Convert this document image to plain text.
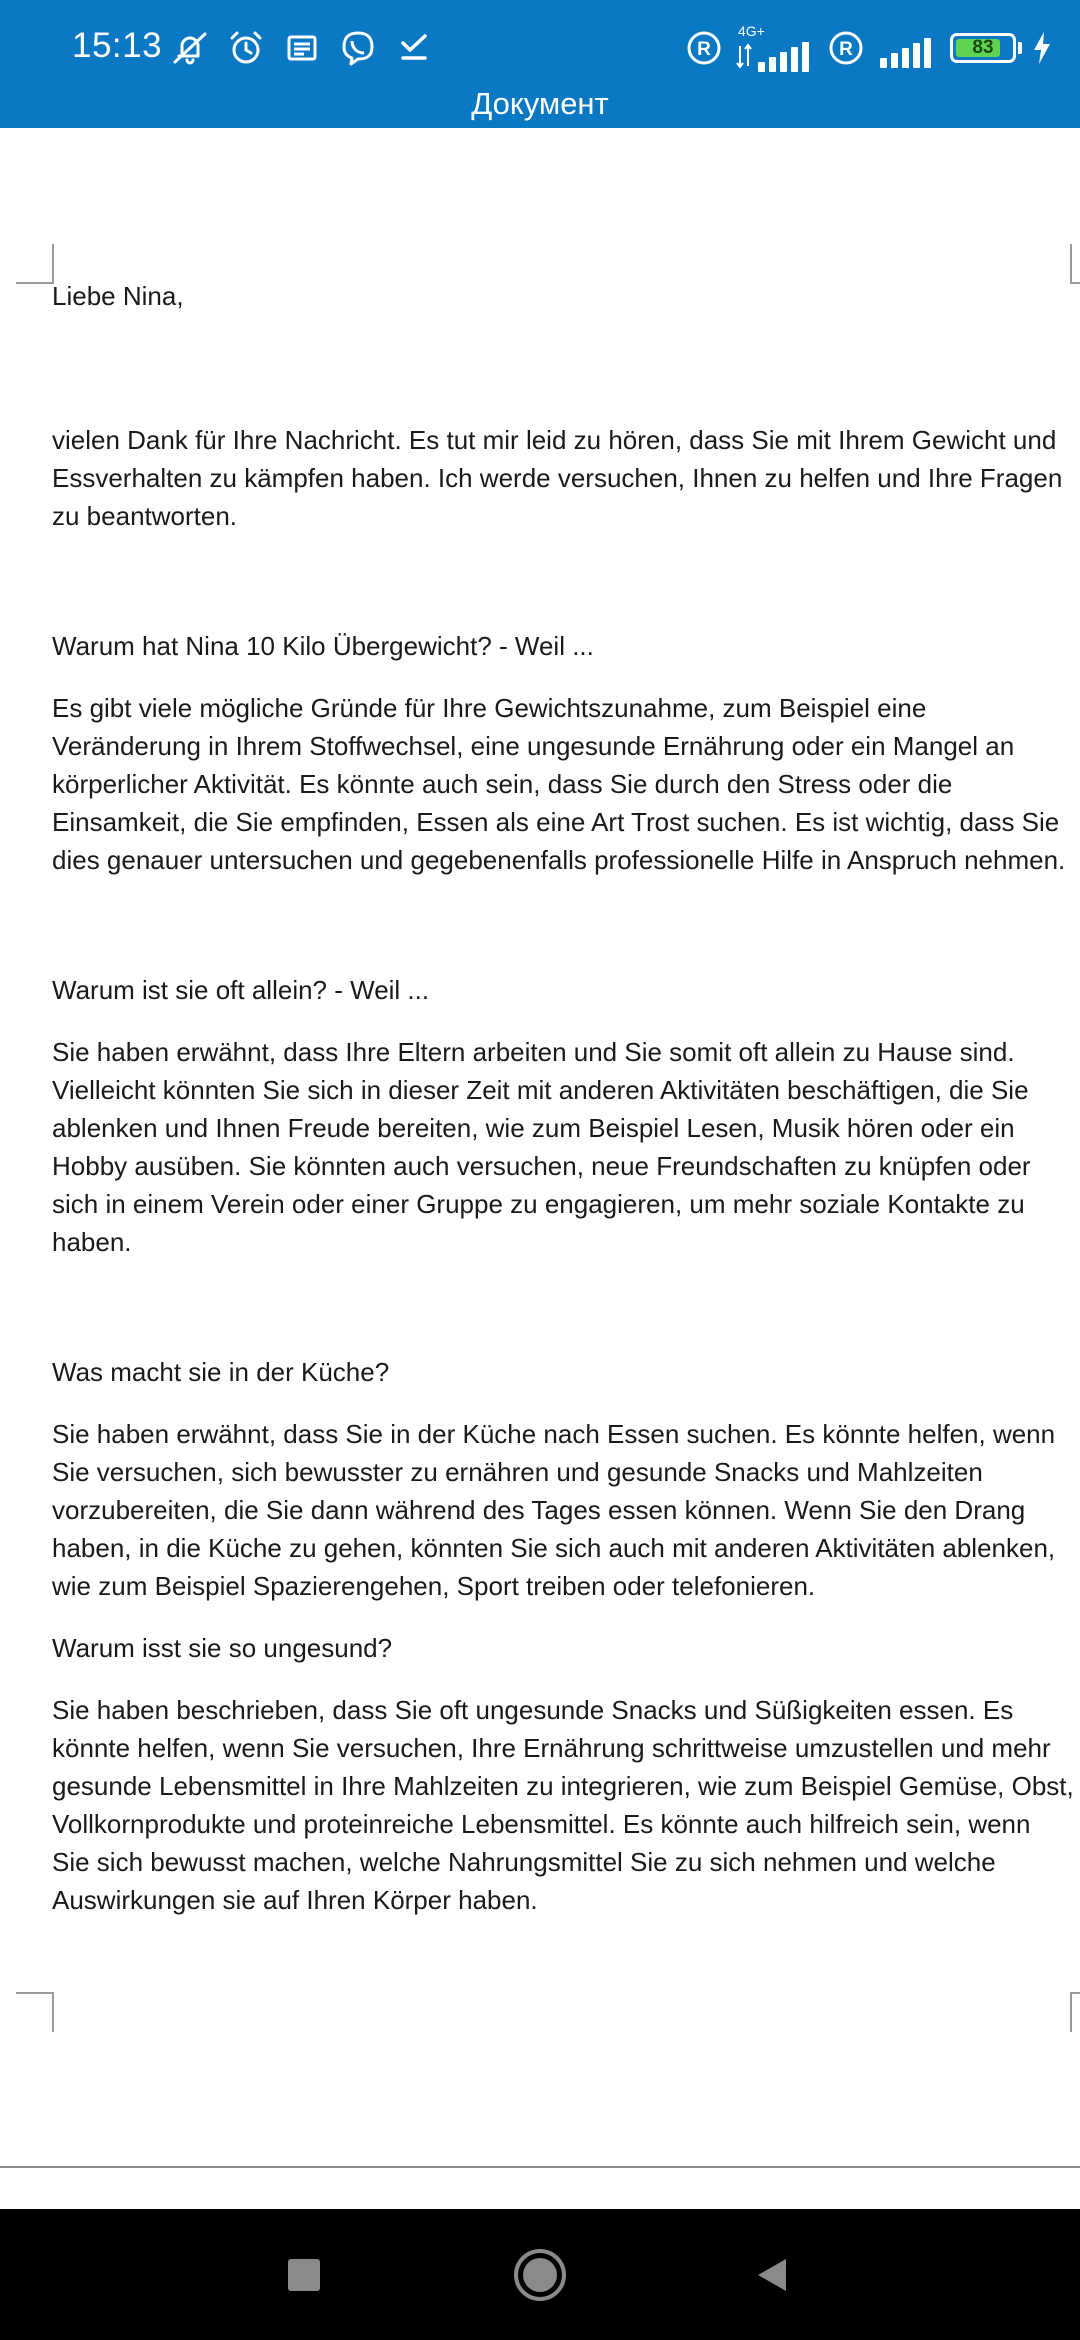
15:13	R
4G+
R	83
Документ

Liebe Nina,

vielen Dank für Ihre Nachricht. Es tut mir leid zu hören, dass Sie mit Ihrem Gewicht und Essverhalten zu kämpfen haben. Ich werde versuchen, Ihnen zu helfen und Ihre Fragen zu beantworten.

Warum hat Nina 10 Kilo Übergewicht? - Weil ...

Es gibt viele mögliche Gründe für Ihre Gewichtszunahme, zum Beispiel eine Veränderung in Ihrem Stoffwechsel, eine ungesunde Ernährung oder ein Mangel an körperlicher Aktivität. Es könnte auch sein, dass Sie durch den Stress oder die Einsamkeit, die Sie empfinden, Essen als eine Art Trost suchen. Es ist wichtig, dass Sie dies genauer untersuchen und gegebenenfalls professionelle Hilfe in Anspruch nehmen.

Warum ist sie oft allein? - Weil ...

Sie haben erwähnt, dass Ihre Eltern arbeiten und Sie somit oft allein zu Hause sind. Vielleicht könnten Sie sich in dieser Zeit mit anderen Aktivitäten beschäftigen, die Sie ablenken und Ihnen Freude bereiten, wie zum Beispiel Lesen, Musik hören oder ein Hobby ausüben. Sie könnten auch versuchen, neue Freundschaften zu knüpfen oder sich in einem Verein oder einer Gruppe zu engagieren, um mehr soziale Kontakte zu haben.

Was macht sie in der Küche?

Sie haben erwähnt, dass Sie in der Küche nach Essen suchen. Es könnte helfen, wenn Sie versuchen, sich bewusster zu ernähren und gesunde Snacks und Mahlzeiten vorzubereiten, die Sie dann während des Tages essen können. Wenn Sie den Drang haben, in die Küche zu gehen, könnten Sie sich auch mit anderen Aktivitäten ablenken, wie zum Beispiel Spazierengehen, Sport treiben oder telefonieren.

Warum isst sie so ungesund?

Sie haben beschrieben, dass Sie oft ungesunde Snacks und Süßigkeiten essen. Es könnte helfen, wenn Sie versuchen, Ihre Ernährung schrittweise umzustellen und mehr gesunde Lebensmittel in Ihre Mahlzeiten zu integrieren, wie zum Beispiel Gemüse, Obst, Vollkornprodukte und proteinreiche Lebensmittel. Es könnte auch hilfreich sein, wenn Sie sich bewusst machen, welche Nahrungsmittel Sie zu sich nehmen und welche Auswirkungen sie auf Ihren Körper haben.
